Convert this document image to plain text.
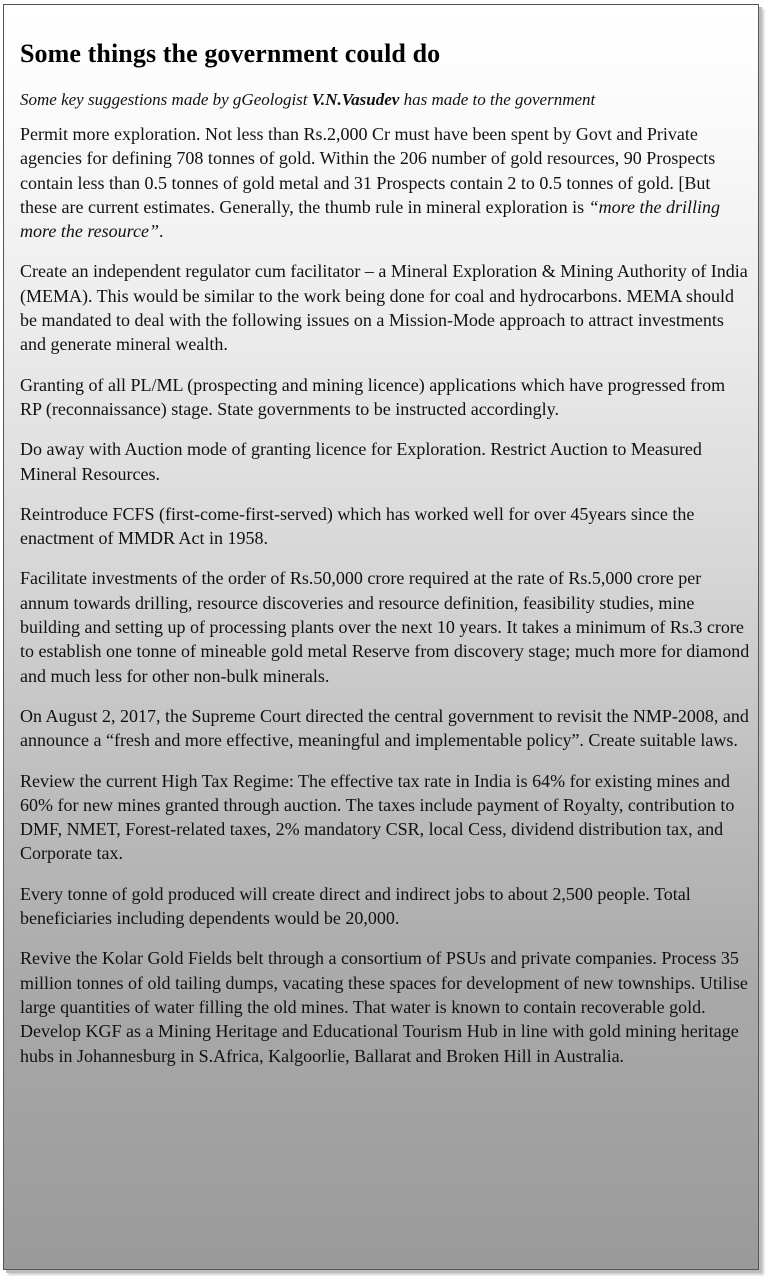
Some things the government could do

Some key suggestions made by gGeologist V.N.Vasudev has made to the government

Permit more exploration. Not less than Rs.2,000 Cr must have been spent by Govt and Private agencies for defining 708 tonnes of gold. Within the 206 number of gold resources, 90 Prospects contain less than 0.5 tonnes of gold metal and 31 Prospects contain 2 to 0.5 tonnes of gold. [But these are current estimates. Generally, the thumb rule in mineral exploration is “more the drilling more the resource”.

Create an independent regulator cum facilitator – a Mineral Exploration & Mining Authority of India (MEMA). This would be similar to the work being done for coal and hydrocarbons. MEMA should be mandated to deal with the following issues on a Mission-Mode approach to attract investments and generate mineral wealth.

Granting of all PL/ML (prospecting and mining licence) applications which have progressed from RP (reconnaissance) stage. State governments to be instructed accordingly.

Do away with Auction mode of granting licence for Exploration. Restrict Auction to Measured Mineral Resources.

Reintroduce FCFS (first-come-first-served) which has worked well for over 45years since the enactment of MMDR Act in 1958.

Facilitate investments of the order of Rs.50,000 crore required at the rate of Rs.5,000 crore per annum towards drilling, resource discoveries and resource definition, feasibility studies, mine building and setting up of processing plants over the next 10 years. It takes a minimum of Rs.3 crore to establish one tonne of mineable gold metal Reserve from discovery stage; much more for diamond and much less for other non-bulk minerals.

On August 2, 2017, the Supreme Court directed the central government to revisit the NMP-2008, and announce a “fresh and more effective, meaningful and implementable policy”. Create suitable laws.

Review the current High Tax Regime: The effective tax rate in India is 64% for existing mines and 60% for new mines granted through auction. The taxes include payment of Royalty, contribution to DMF, NMET, Forest-related taxes, 2% mandatory CSR, local Cess, dividend distribution tax, and Corporate tax.

Every tonne of gold produced will create direct and indirect jobs to about 2,500 people. Total beneficiaries including dependents would be 20,000.

Revive the Kolar Gold Fields belt through a consortium of PSUs and private companies. Process 35 million tonnes of old tailing dumps, vacating these spaces for development of new townships. Utilise large quantities of water filling the old mines. That water is known to contain recoverable gold. Develop KGF as a Mining Heritage and Educational Tourism Hub in line with gold mining heritage hubs in Johannesburg in S.Africa, Kalgoorlie, Ballarat and Broken Hill in Australia.
